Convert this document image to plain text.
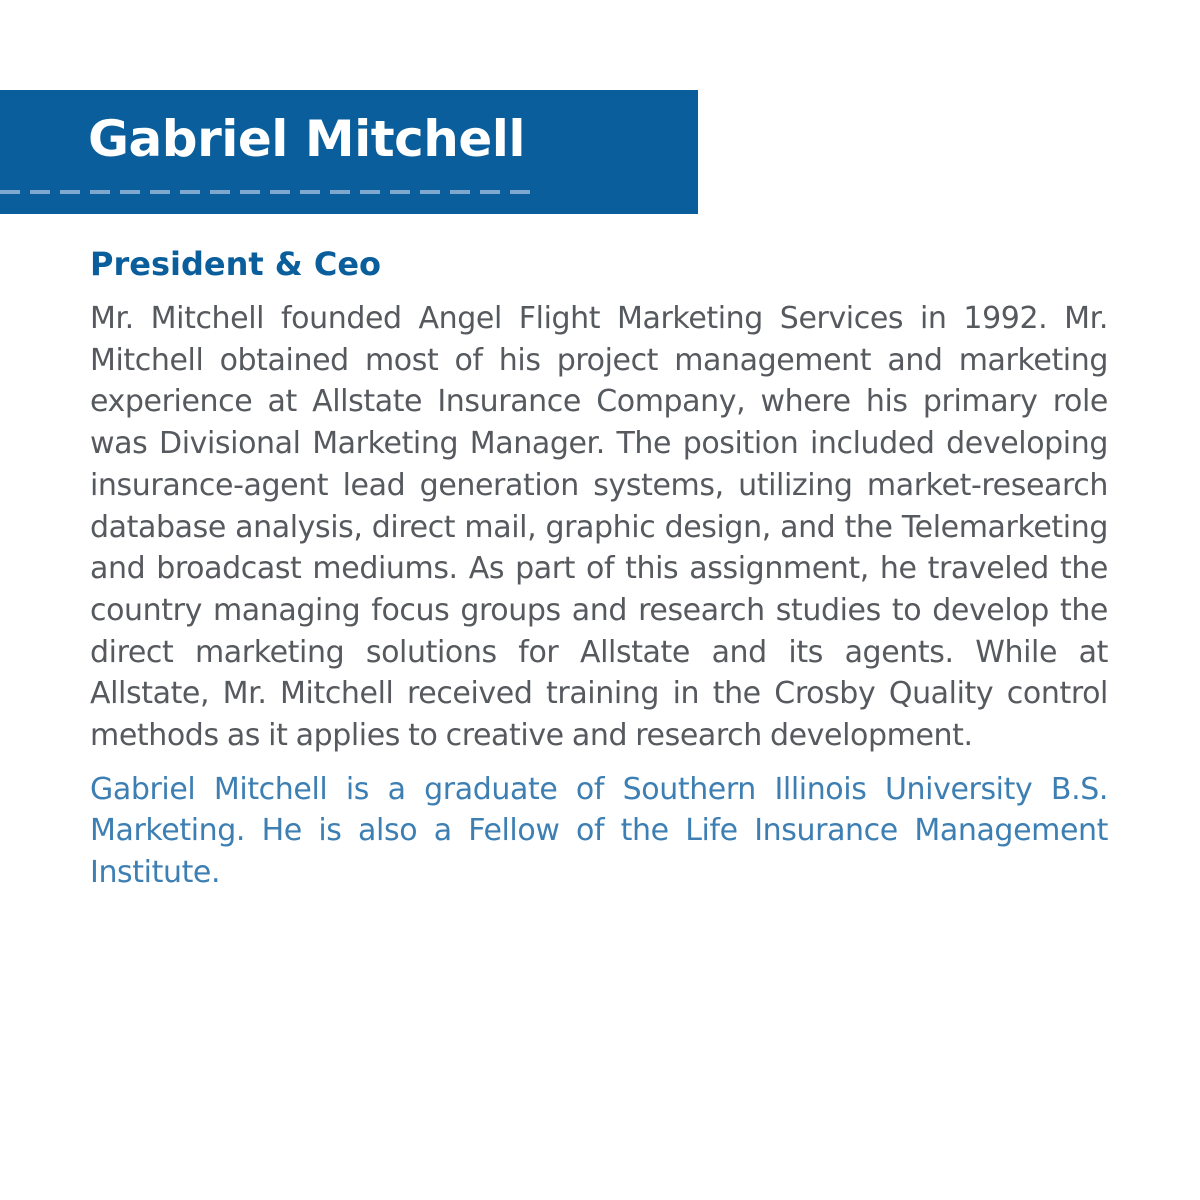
Gabriel Mitchell
President & Ceo

Mr. Mitchell founded Angel Flight Marketing Services in 1992. Mr. Mitchell obtained most of his project management and marketing experience at Allstate Insurance Company, where his primary role was Divisional Marketing Manager. The position included developing insurance-agent lead generation systems, utilizing market-research database analysis, direct mail, graphic design, and the Telemarketing and broadcast mediums. As part of this assignment, he traveled the country managing focus groups and research studies to develop the direct marketing solutions for Allstate and its agents. While at Allstate, Mr. Mitchell received training in the Crosby Quality control methods as it applies to creative and research development.

Gabriel Mitchell is a graduate of Southern Illinois University B.S. Marketing. He is also a Fellow of the Life Insurance Management Institute.
